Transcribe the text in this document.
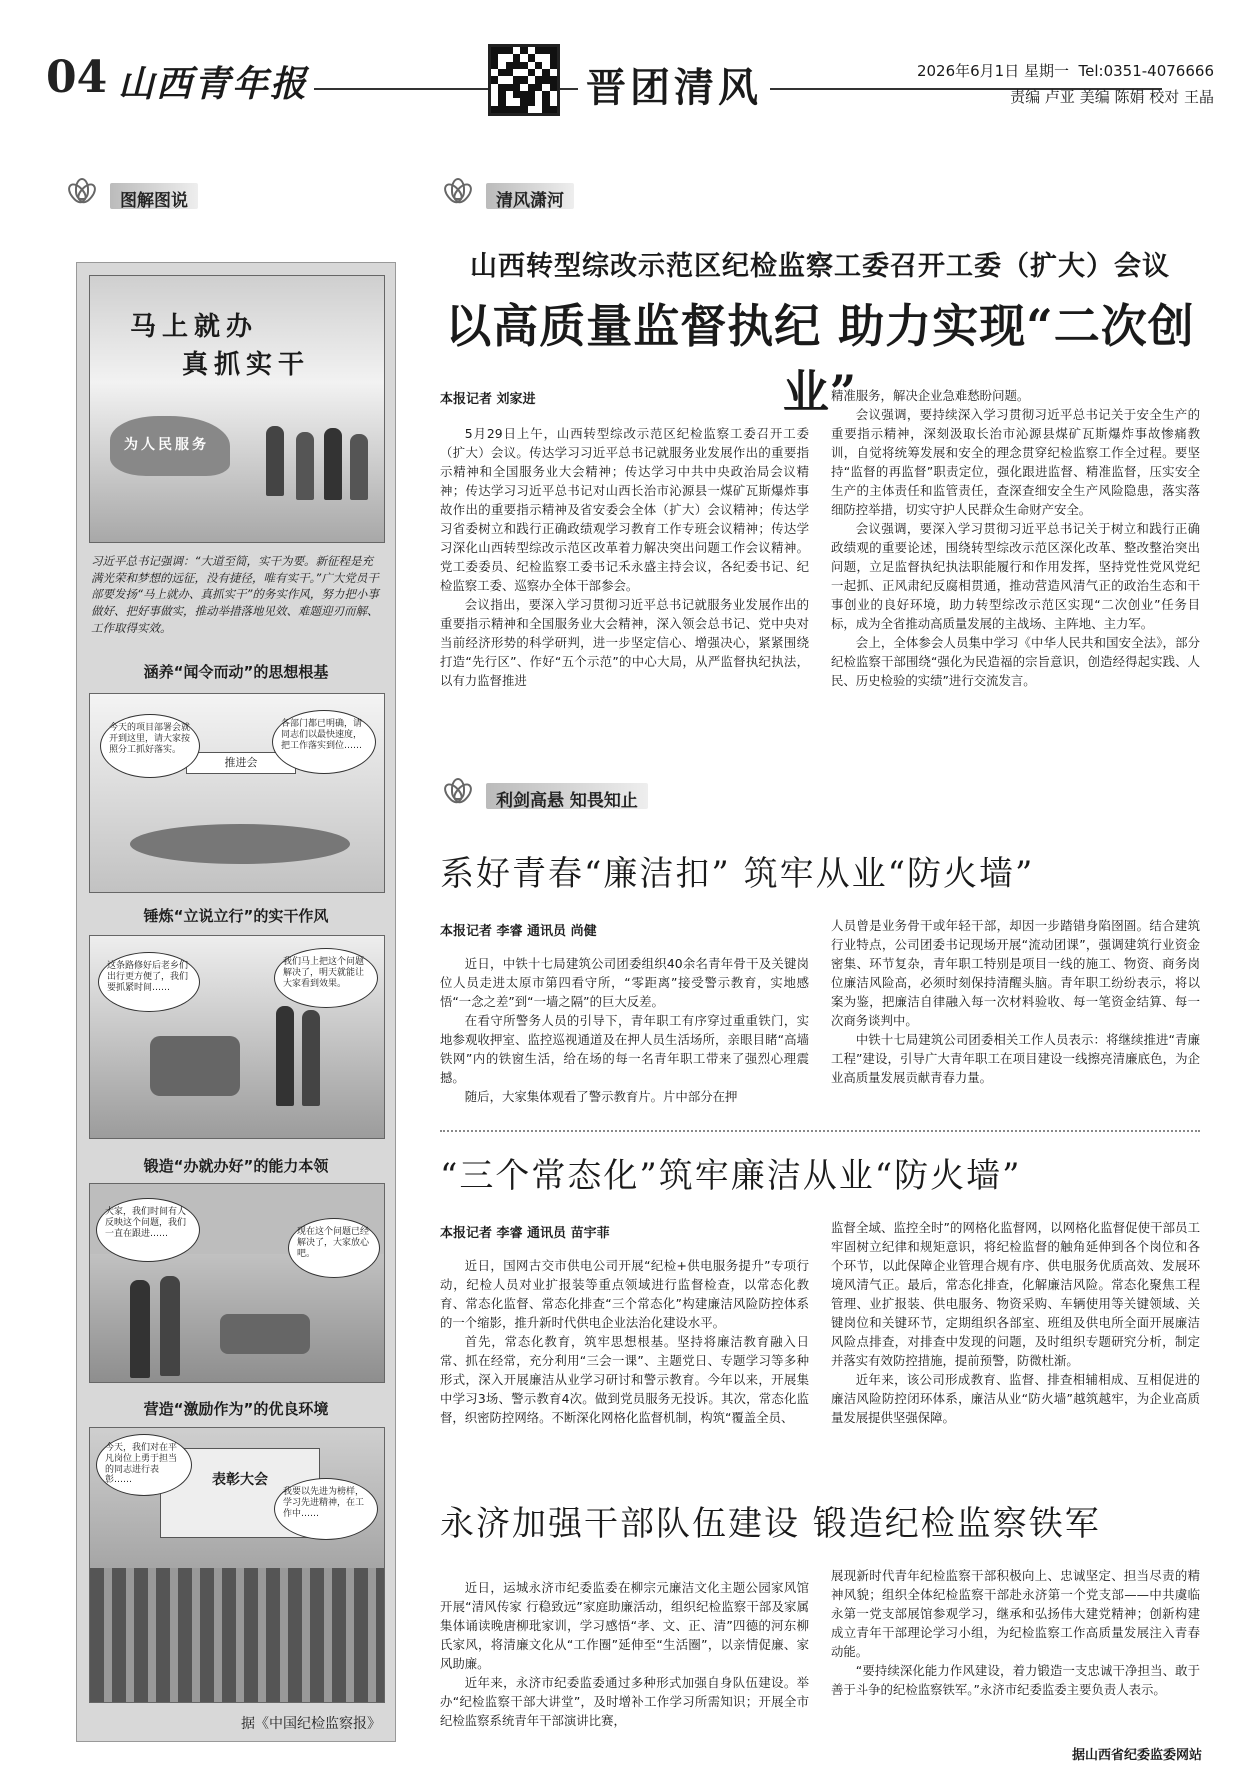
04 山西青年报	晋团清风	2026年6月1日 星期一 Tel:0351-4076666
责编 卢亚 美编 陈娟 校对 王晶
图解图说
马上就办
真抓实干
为人民服务
习近平总书记强调：“大道至简，实干为要。新征程是充满光荣和梦想的远征，没有捷径，唯有实干。”广大党员干部要发扬“马上就办、真抓实干”的务实作风，努力把小事做好、把好事做实，推动举措落地见效、难题迎刃而解、工作取得实效。
涵养“闻令而动”的思想根基
推进会
今天的项目部署会就开到这里，请大家按照分工抓好落实。
各部门都已明确，请同志们以最快速度，把工作落实到位……
锤炼“立说立行”的实干作风
这条路修好后老乡们出行更方便了，我们要抓紧时间……
我们马上把这个问题解决了，明天就能让大家看到效果。
锻造“办就办好”的能力本领
大家，我们时间有人反映这个问题，我们一直在跟进……	现在这个问题已经解决了，大家放心吧。
营造“激励作为”的优良环境
表彰大会
今天，我们对在平凡岗位上勇于担当的同志进行表彰……
我要以先进为榜样，学习先进精神，在工作中……
据《中国纪检监察报》
清风潇河
山西转型综改示范区纪检监察工委召开工委（扩大）会议
以高质量监督执纪 助力实现“二次创业”
本报记者 刘家进

5月29日上午，山西转型综改示范区纪检监察工委召开工委（扩大）会议。传达学习习近平总书记就服务业发展作出的重要指示精神和全国服务业大会精神；传达学习中共中央政治局会议精神；传达学习习近平总书记对山西长治市沁源县一煤矿瓦斯爆炸事故作出的重要指示精神及省安委会全体（扩大）会议精神；传达学习省委树立和践行正确政绩观学习教育工作专班会议精神；传达学习深化山西转型综改示范区改革着力解决突出问题工作会议精神。党工委委员、纪检监察工委书记禾永盛主持会议，各纪委书记、纪检监察工委、巡察办全体干部参会。

会议指出，要深入学习贯彻习近平总书记就服务业发展作出的重要指示精神和全国服务业大会精神，深入领会总书记、党中央对当前经济形势的科学研判，进一步坚定信心、增强决心，紧紧围绕打造“先行区”、作好“五个示范”的中心大局，从严监督执纪执法，以有力监督推进

精准服务，解决企业急难愁盼问题。

会议强调，要持续深入学习贯彻习近平总书记关于安全生产的重要指示精神，深刻汲取长治市沁源县煤矿瓦斯爆炸事故惨痛教训，自觉将统筹发展和安全的理念贯穿纪检监察工作全过程。要坚持“监督的再监督”职责定位，强化跟进监督、精准监督，压实安全生产的主体责任和监管责任，查深查细安全生产风险隐患，落实落细防控举措，切实守护人民群众生命财产安全。

会议强调，要深入学习贯彻习近平总书记关于树立和践行正确政绩观的重要论述，围绕转型综改示范区深化改革、整改整治突出问题，立足监督执纪执法职能履行和作用发挥，坚持党性党风党纪一起抓、正风肃纪反腐相贯通，推动营造风清气正的政治生态和干事创业的良好环境，助力转型综改示范区实现“二次创业”任务目标，成为全省推动高质量发展的主战场、主阵地、主力军。

会上，全体参会人员集中学习《中华人民共和国安全法》，部分纪检监察干部围绕“强化为民造福的宗旨意识，创造经得起实践、人民、历史检验的实绩”进行交流发言。

利剑高悬 知畏知止
系好青春“廉洁扣” 筑牢从业“防火墙”
本报记者 李睿 通讯员 尚健

近日，中铁十七局建筑公司团委组织40余名青年骨干及关键岗位人员走进太原市第四看守所，“零距离”接受警示教育，实地感悟“一念之差”到“一墙之隔”的巨大反差。

在看守所警务人员的引导下，青年职工有序穿过重重铁门，实地参观收押室、监控巡视通道及在押人员生活场所，亲眼目睹“高墙铁网”内的铁窗生活，给在场的每一名青年职工带来了强烈心理震撼。

随后，大家集体观看了警示教育片。片中部分在押

人员曾是业务骨干或年轻干部，却因一步踏错身陷囹圄。结合建筑行业特点，公司团委书记现场开展“流动团课”，强调建筑行业资金密集、环节复杂，青年职工特别是项目一线的施工、物资、商务岗位廉洁风险高，必须时刻保持清醒头脑。青年职工纷纷表示，将以案为鉴，把廉洁自律融入每一次材料验收、每一笔资金结算、每一次商务谈判中。

中铁十七局建筑公司团委相关工作人员表示：将继续推进“青廉工程”建设，引导广大青年职工在项目建设一线擦亮清廉底色，为企业高质量发展贡献青春力量。

“三个常态化”筑牢廉洁从业“防火墙”
本报记者 李睿 通讯员 苗宇菲

近日，国网古交市供电公司开展“纪检+供电服务提升”专项行动，纪检人员对业扩报装等重点领域进行监督检查，以常态化教育、常态化监督、常态化排查“三个常态化”构建廉洁风险防控体系的一个缩影，推升新时代供电企业法治化建设水平。

首先，常态化教育，筑牢思想根基。坚持将廉洁教育融入日常、抓在经常，充分利用“三会一课”、主题党日、专题学习等多种形式，深入开展廉洁从业学习研讨和警示教育。今年以来，开展集中学习3场、警示教育4次。做到党员服务无投诉。其次，常态化监督，织密防控网络。不断深化网格化监督机制，构筑“覆盖全员、

监督全域、监控全时”的网格化监督网，以网格化监督促使干部员工牢固树立纪律和规矩意识，将纪检监督的触角延伸到各个岗位和各个环节，以此保障企业管理合规有序、供电服务优质高效、发展环境风清气正。最后，常态化排查，化解廉洁风险。常态化聚焦工程管理、业扩报装、供电服务、物资采购、车辆使用等关键领域、关键岗位和关键环节，定期组织各部室、班组及供电所全面开展廉洁风险点排查，对排查中发现的问题，及时组织专题研究分析，制定并落实有效防控措施，提前预警，防微杜渐。

近年来，该公司形成教育、监督、排查相辅相成、互相促进的廉洁风险防控闭环体系，廉洁从业“防火墙”越筑越牢，为企业高质量发展提供坚强保障。

永济加强干部队伍建设 锻造纪检监察铁军

近日，运城永济市纪委监委在柳宗元廉洁文化主题公园家风馆开展“清风传家 行稳致远”家庭助廉活动，组织纪检监察干部及家属集体诵读晚唐柳玭家训，学习感悟“孝、文、正、清”四德的河东柳氏家风，将清廉文化从“工作圈”延伸至“生活圈”，以亲情促廉、家风助廉。

近年来，永济市纪委监委通过多种形式加强自身队伍建设。举办“纪检监察干部大讲堂”，及时增补工作学习所需知识；开展全市纪检监察系统青年干部演讲比赛，

展现新时代青年纪检监察干部积极向上、忠诚坚定、担当尽责的精神风貌；组织全体纪检监察干部赴永济第一个党支部——中共虞临永第一党支部展馆参观学习，继承和弘扬伟大建党精神；创新构建成立青年干部理论学习小组，为纪检监察工作高质量发展注入青春动能。

“要持续深化能力作风建设，着力锻造一支忠诚干净担当、敢于善于斗争的纪检监察铁军。”永济市纪委监委主要负责人表示。

据山西省纪委监委网站
